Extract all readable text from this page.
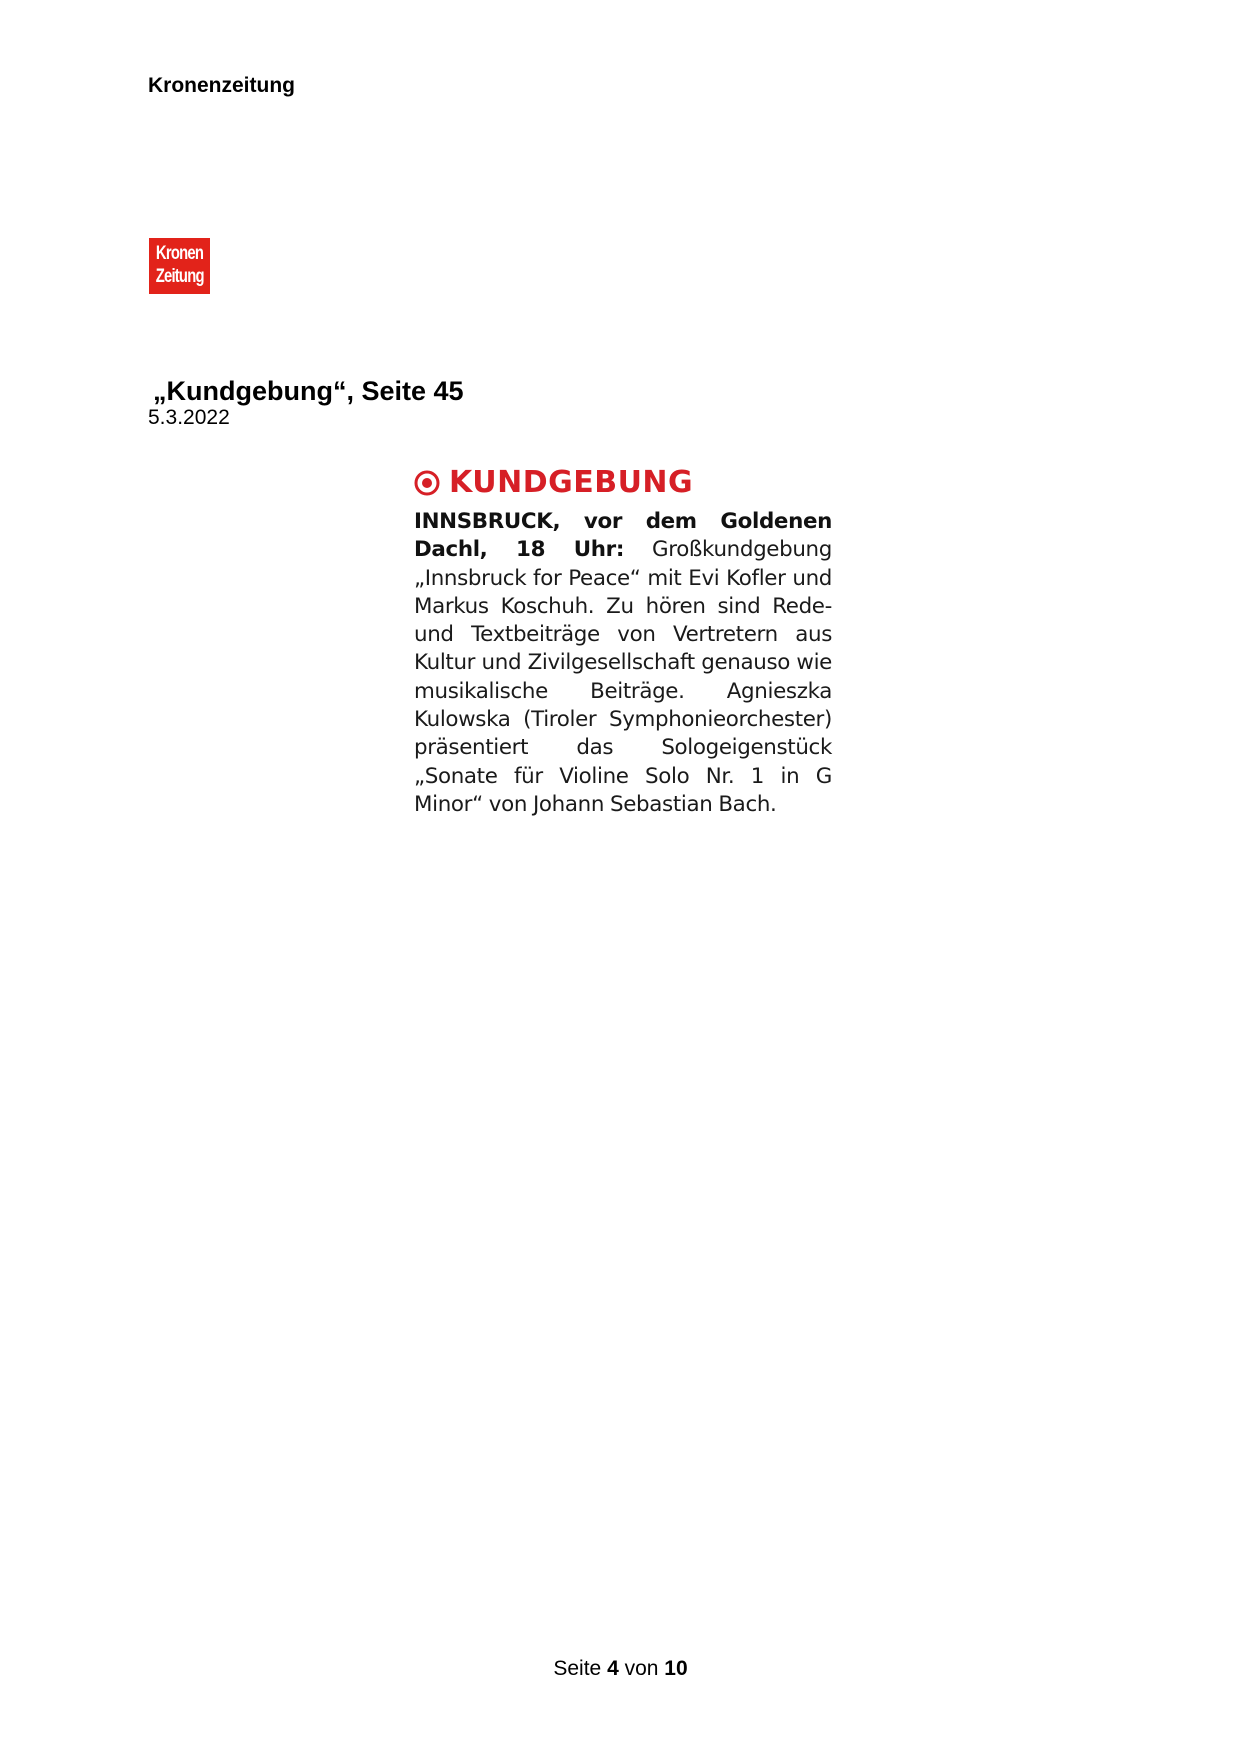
Kronenzeitung
Kronen
Zeitung
„Kundgebung“, Seite 45
5.3.2022
KUNDGEBUNG
INNSBRUCK, vor dem Goldenen Dachl, 18 Uhr: Großkundgebung „Innsbruck for Peace“ mit Evi Kofler und Markus Koschuh. Zu hören sind Rede- und Textbeiträge von Vertretern aus Kultur und Zivilgesellschaft genauso wie musikalische Beiträge. Agnieszka Kulowska (Tiroler Symphonieorchester) präsentiert das Sologeigenstück „Sonate für Violine Solo Nr. 1 in G Minor“ von Johann Sebastian Bach.
Seite 4 von 10
